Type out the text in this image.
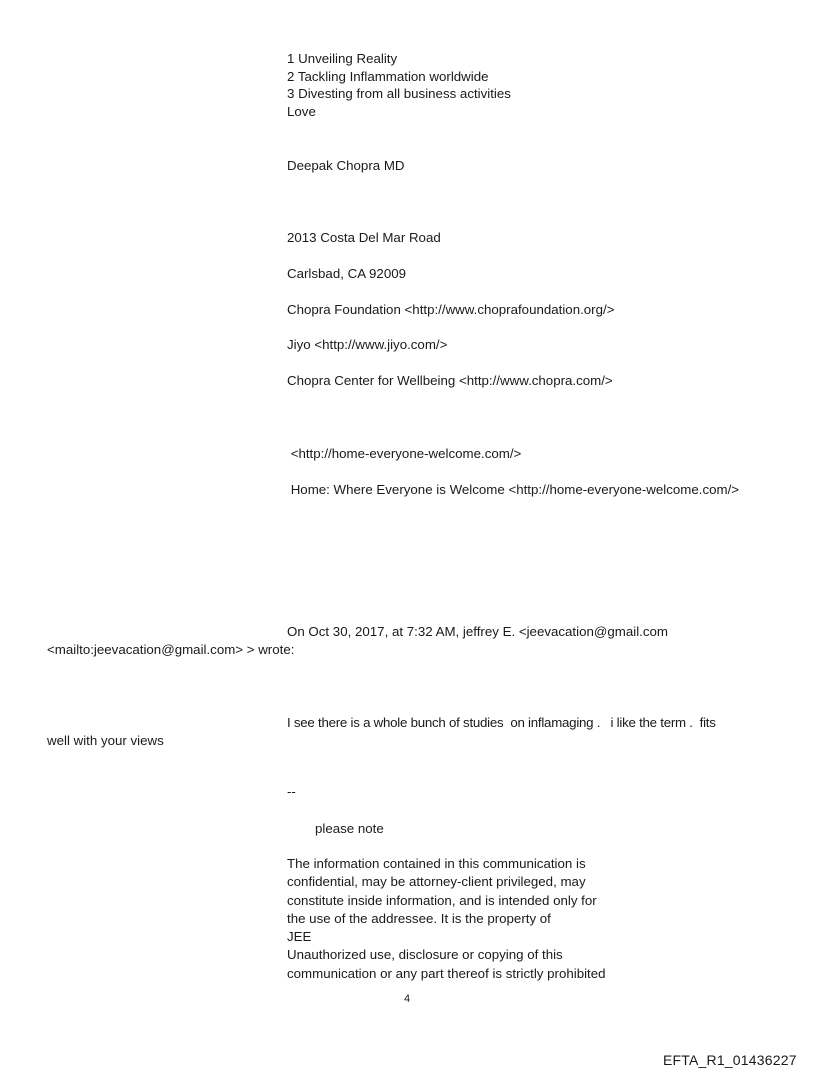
1 Unveiling Reality
2 Tackling Inflammation worldwide
3 Divesting from all business activities
Love
Deepak Chopra MD
2013 Costa Del Mar Road
Carlsbad, CA 92009
Chopra Foundation <http://www.choprafoundation.org/>
Jiyo <http://www.jiyo.com/>
Chopra Center for Wellbeing <http://www.chopra.com/>
<http://home-everyone-welcome.com/>
Home: Where Everyone is Welcome <http://home-everyone-welcome.com/>
On Oct 30, 2017, at 7:32 AM, jeffrey E. <jeevacation@gmail.com
<mailto:jeevacation@gmail.com> > wrote:
I see there is a whole bunch of studies  on inflamaging .   i like the term .  fits
well with your views
--
please note
The information contained in this communication is
confidential, may be attorney-client privileged, may
constitute inside information, and is intended only for
the use of the addressee. It is the property of
JEE
Unauthorized use, disclosure or copying of this
communication or any part thereof is strictly prohibited
4
EFTA_R1_01436227
